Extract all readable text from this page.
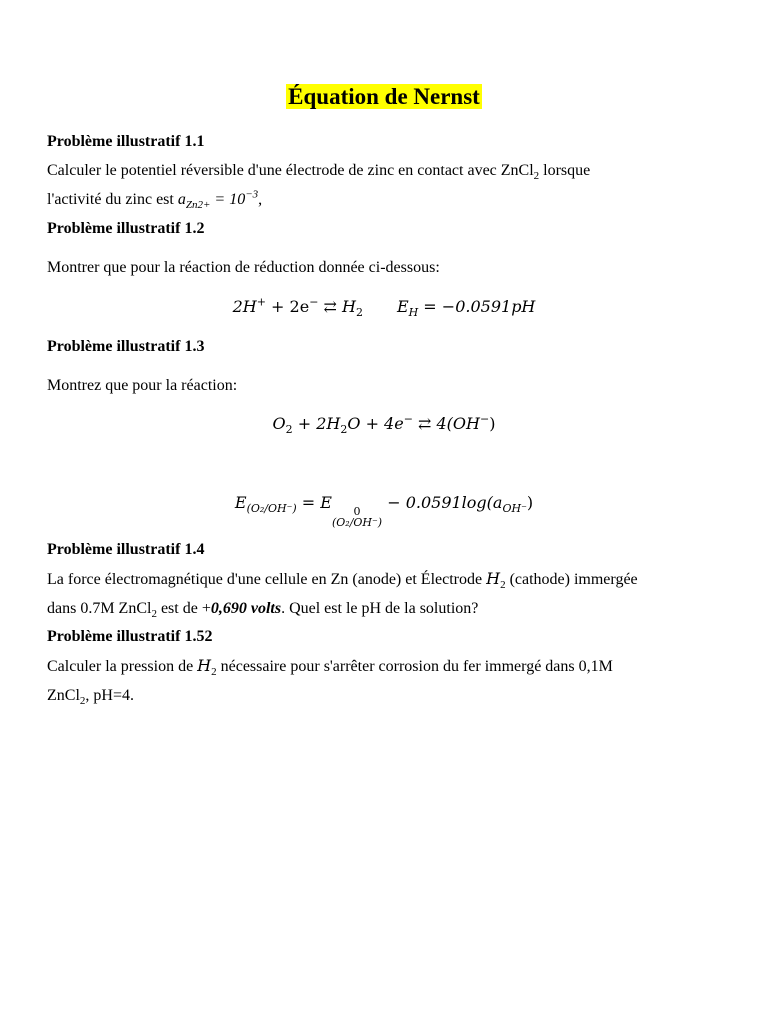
Équation de Nernst
Problème illustratif 1.1
Calculer le potentiel réversible d'une électrode de zinc en contact avec ZnCl$_2$ lorsque
l'activité du zinc est $a_{Zn2+} = 10^{-3}$,
Problème illustratif 1.2
Montrer que pour la réaction de réduction donnée ci-dessous:
2H+ + 2e− ⇄ $H_2$ $E_H = -0.0591pH$
Problème illustratif 1.3
Montrez que pour la réaction:
$O_2 + 2H_2O + 4e^-$ ⇄ 4(OH−)
$E_{(O_2/OH^-)} = E$	0
(O₂/OH⁻)
− $0.0591\log(a_{OH^-})$
Problème illustratif 1.4
La force électromagnétique d'une cellule en Zn (anode) et Électrode $H_2$ (cathode) immergée
dans 0.7M ZnCl$_2$ est de +0,690 volts. Quel est le pH de la solution?
Problème illustratif 1.52
Calculer la pression de $H_2$ nécessaire pour s'arrêter corrosion du fer immergé dans 0,1M
ZnCl$_2$, pH=4.
